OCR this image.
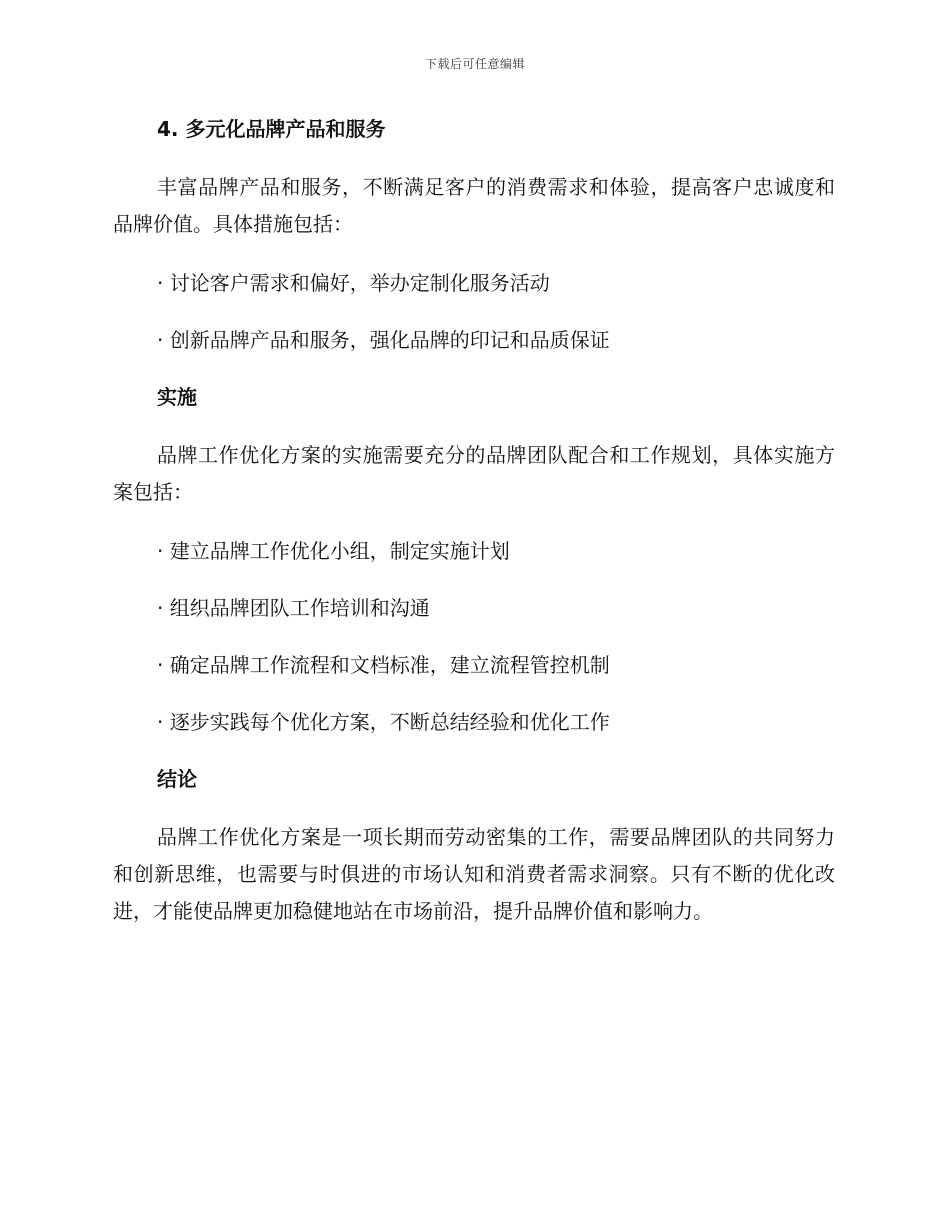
下载后可任意编辑
4. 多元化品牌产品和服务

丰富品牌产品和服务，不断满足客户的消费需求和体验，提高客户忠诚度和品牌价值。具体措施包括：

· 讨论客户需求和偏好，举办定制化服务活动

· 创新品牌产品和服务，强化品牌的印记和品质保证

实施

品牌工作优化方案的实施需要充分的品牌团队配合和工作规划，具体实施方案包括：

· 建立品牌工作优化小组，制定实施计划

· 组织品牌团队工作培训和沟通

· 确定品牌工作流程和文档标准，建立流程管控机制

· 逐步实践每个优化方案，不断总结经验和优化工作

结论

品牌工作优化方案是一项长期而劳动密集的工作，需要品牌团队的共同努力和创新思维，也需要与时俱进的市场认知和消费者需求洞察。只有不断的优化改进，才能使品牌更加稳健地站在市场前沿，提升品牌价值和影响力。
